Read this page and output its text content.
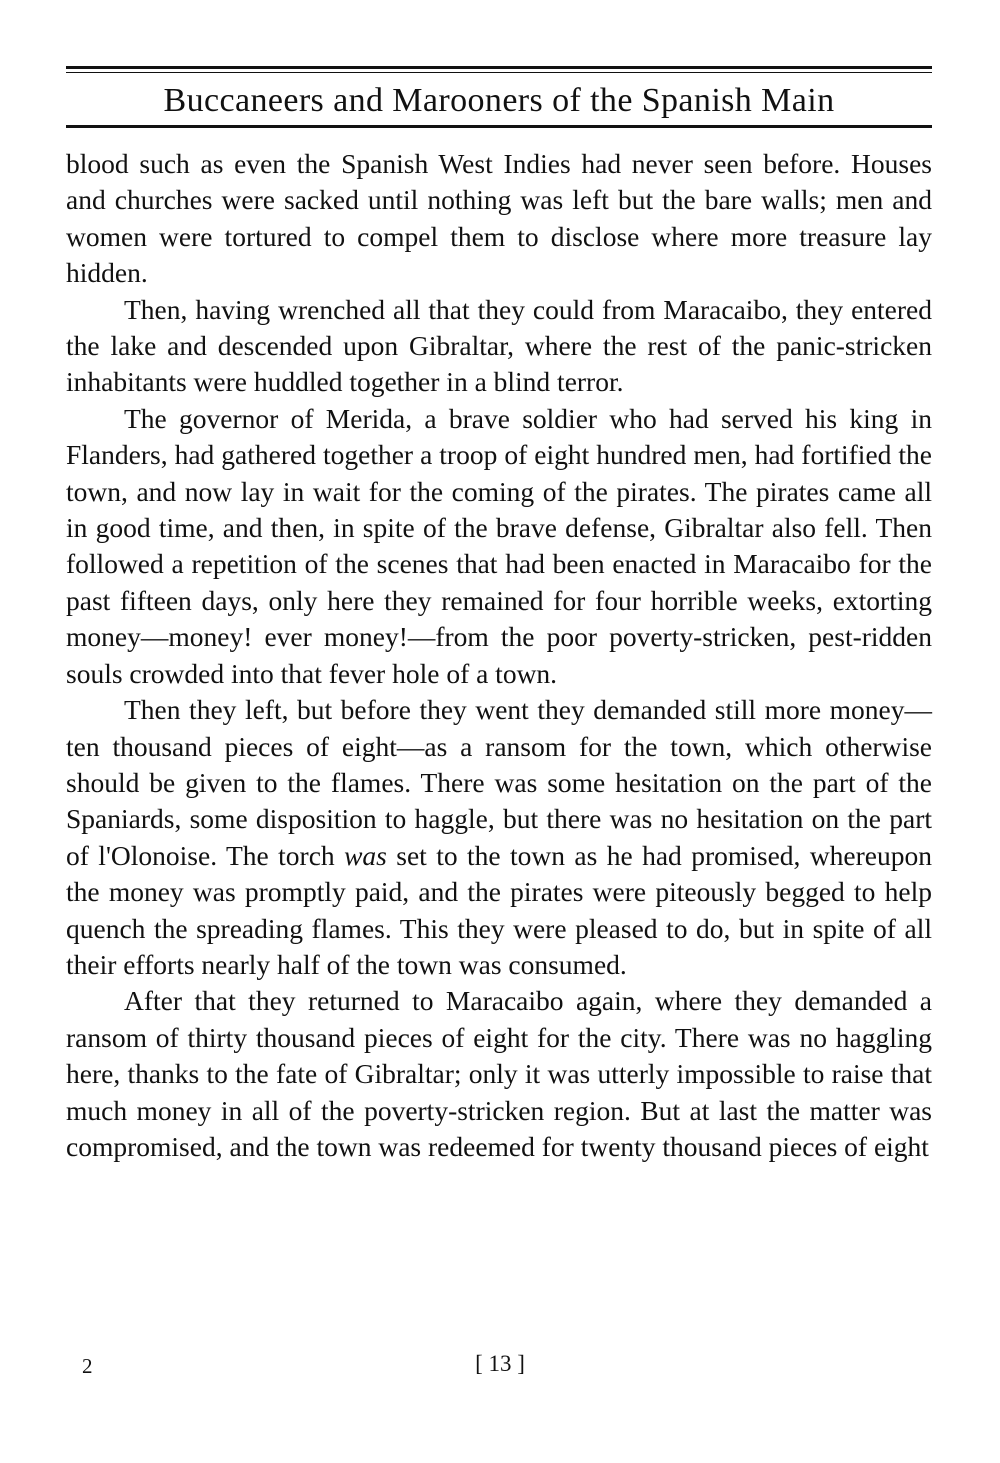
Buccaneers and Marooners of the Spanish Main

blood such as even the Spanish West Indies had never seen before. Houses and churches were sacked until nothing was left but the bare walls; men and women were tortured to compel them to disclose where more treasure lay hidden.

Then, having wrenched all that they could from Maracaibo, they entered the lake and descended upon Gibraltar, where the rest of the panic-stricken inhabitants were huddled together in a blind terror.

The governor of Merida, a brave soldier who had served his king in Flanders, had gathered together a troop of eight hundred men, had fortified the town, and now lay in wait for the coming of the pirates. The pirates came all in good time, and then, in spite of the brave defense, Gibraltar also fell. Then followed a repetition of the scenes that had been enacted in Maracaibo for the past fifteen days, only here they remained for four horrible weeks, extorting money—money! ever money!—from the poor poverty-stricken, pest-ridden souls crowded into that fever hole of a town.

Then they left, but before they went they demanded still more money—ten thousand pieces of eight—as a ransom for the town, which otherwise should be given to the flames. There was some hesitation on the part of the Spaniards, some disposition to haggle, but there was no hesitation on the part of l'Olonoise. The torch was set to the town as he had promised, whereupon the money was promptly paid, and the pirates were piteously begged to help quench the spreading flames. This they were pleased to do, but in spite of all their efforts nearly half of the town was consumed.

After that they returned to Maracaibo again, where they demanded a ransom of thirty thousand pieces of eight for the city. There was no haggling here, thanks to the fate of Gibraltar; only it was utterly impossible to raise that much money in all of the poverty-stricken region. But at last the matter was compromised, and the town was redeemed for twenty thousand pieces of eight

2	[ 13 ]
